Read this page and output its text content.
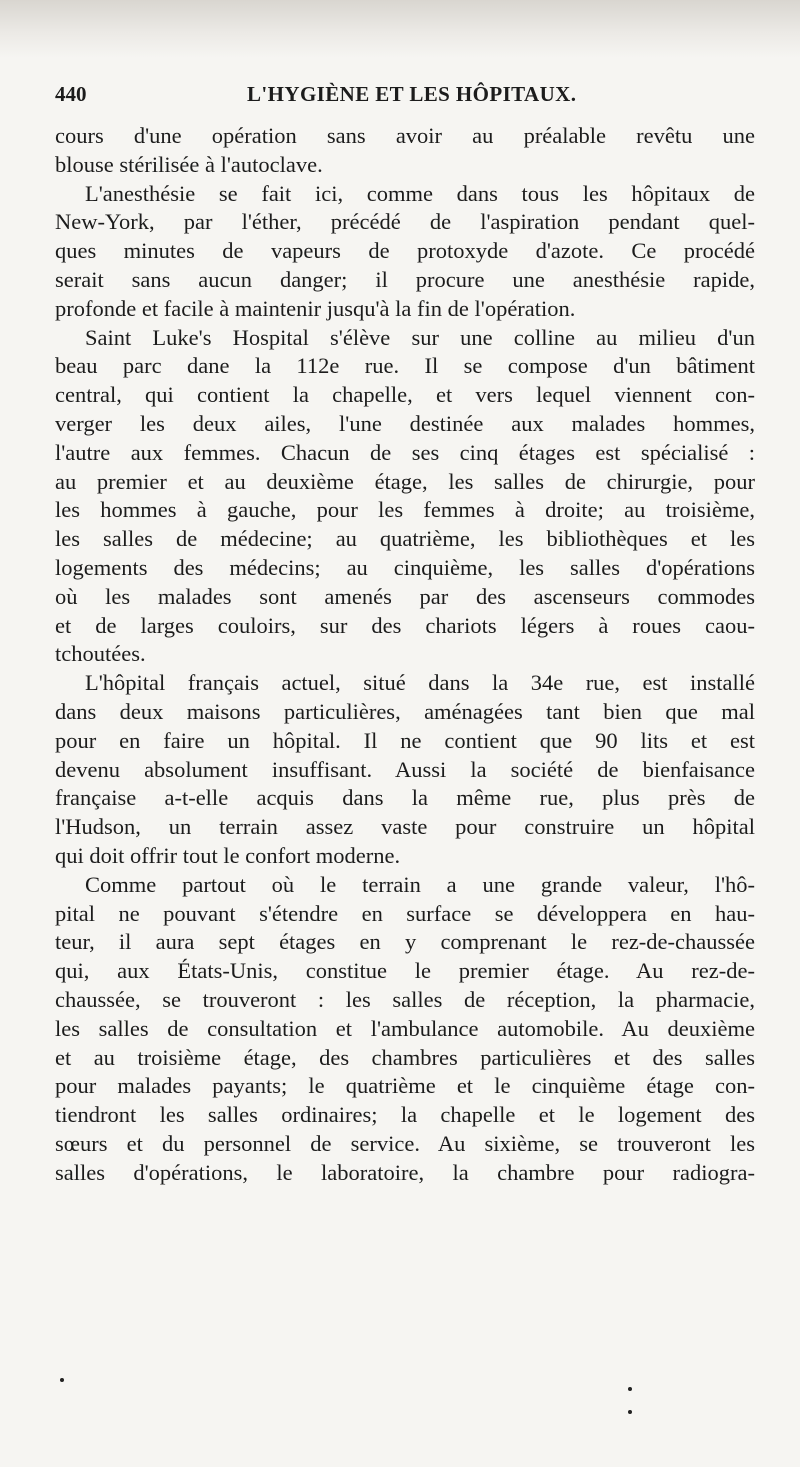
440	L'HYGIÈNE ET LES HÔPITAUX.
cours d'une opération sans avoir au préalable revêtu une
blouse stérilisée à l'autoclave.
L'anesthésie se fait ici, comme dans tous les hôpitaux de
New-York, par l'éther, précédé de l'aspiration pendant quel-
ques minutes de vapeurs de protoxyde d'azote. Ce procédé
serait sans aucun danger; il procure une anesthésie rapide,
profonde et facile à maintenir jusqu'à la fin de l'opération.
Saint Luke's Hospital s'élève sur une colline au milieu d'un
beau parc dane la 112e rue. Il se compose d'un bâtiment
central, qui contient la chapelle, et vers lequel viennent con-
verger les deux ailes, l'une destinée aux malades hommes,
l'autre aux femmes. Chacun de ses cinq étages est spécialisé :
au premier et au deuxième étage, les salles de chirurgie, pour
les hommes à gauche, pour les femmes à droite; au troisième,
les salles de médecine; au quatrième, les bibliothèques et les
logements des médecins; au cinquième, les salles d'opérations
où les malades sont amenés par des ascenseurs commodes
et de larges couloirs, sur des chariots légers à roues caou-
tchoutées.
L'hôpital français actuel, situé dans la 34e rue, est installé
dans deux maisons particulières, aménagées tant bien que mal
pour en faire un hôpital. Il ne contient que 90 lits et est
devenu absolument insuffisant. Aussi la société de bienfaisance
française a-t-elle acquis dans la même rue, plus près de
l'Hudson, un terrain assez vaste pour construire un hôpital
qui doit offrir tout le confort moderne.
Comme partout où le terrain a une grande valeur, l'hô-
pital ne pouvant s'étendre en surface se développera en hau-
teur, il aura sept étages en y comprenant le rez-de-chaussée
qui, aux États-Unis, constitue le premier étage. Au rez-de-
chaussée, se trouveront : les salles de réception, la pharmacie,
les salles de consultation et l'ambulance automobile. Au deuxième
et au troisième étage, des chambres particulières et des salles
pour malades payants; le quatrième et le cinquième étage con-
tiendront les salles ordinaires; la chapelle et le logement des
sœurs et du personnel de service. Au sixième, se trouveront les
salles d'opérations, le laboratoire, la chambre pour radiogra-
